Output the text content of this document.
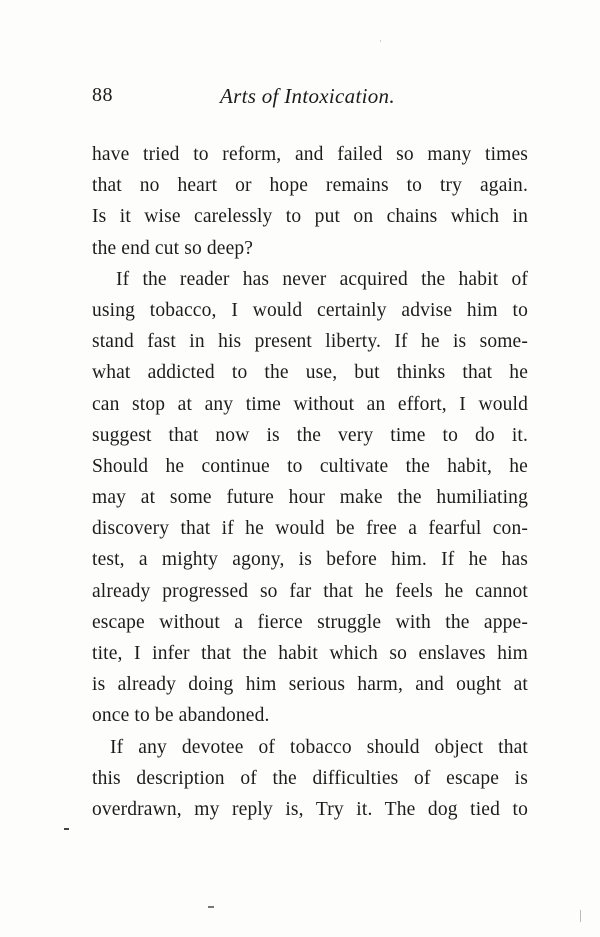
88	Arts of Intoxication.
have tried to reform, and failed so many times
that no heart or hope remains to try again.
Is it wise carelessly to put on chains which in
the end cut so deep?
If the reader has never acquired the habit of
using tobacco, I would certainly advise him to
stand fast in his present liberty. If he is some-
what addicted to the use, but thinks that he
can stop at any time without an effort, I would
suggest that now is the very time to do it.
Should he continue to cultivate the habit, he
may at some future hour make the humiliating
discovery that if he would be free a fearful con-
test, a mighty agony, is before him. If he has
already progressed so far that he feels he cannot
escape without a fierce struggle with the appe-
tite, I infer that the habit which so enslaves him
is already doing him serious harm, and ought at
once to be abandoned.
If any devotee of tobacco should object that
this description of the difficulties of escape is
overdrawn, my reply is, Try it. The dog tied to
